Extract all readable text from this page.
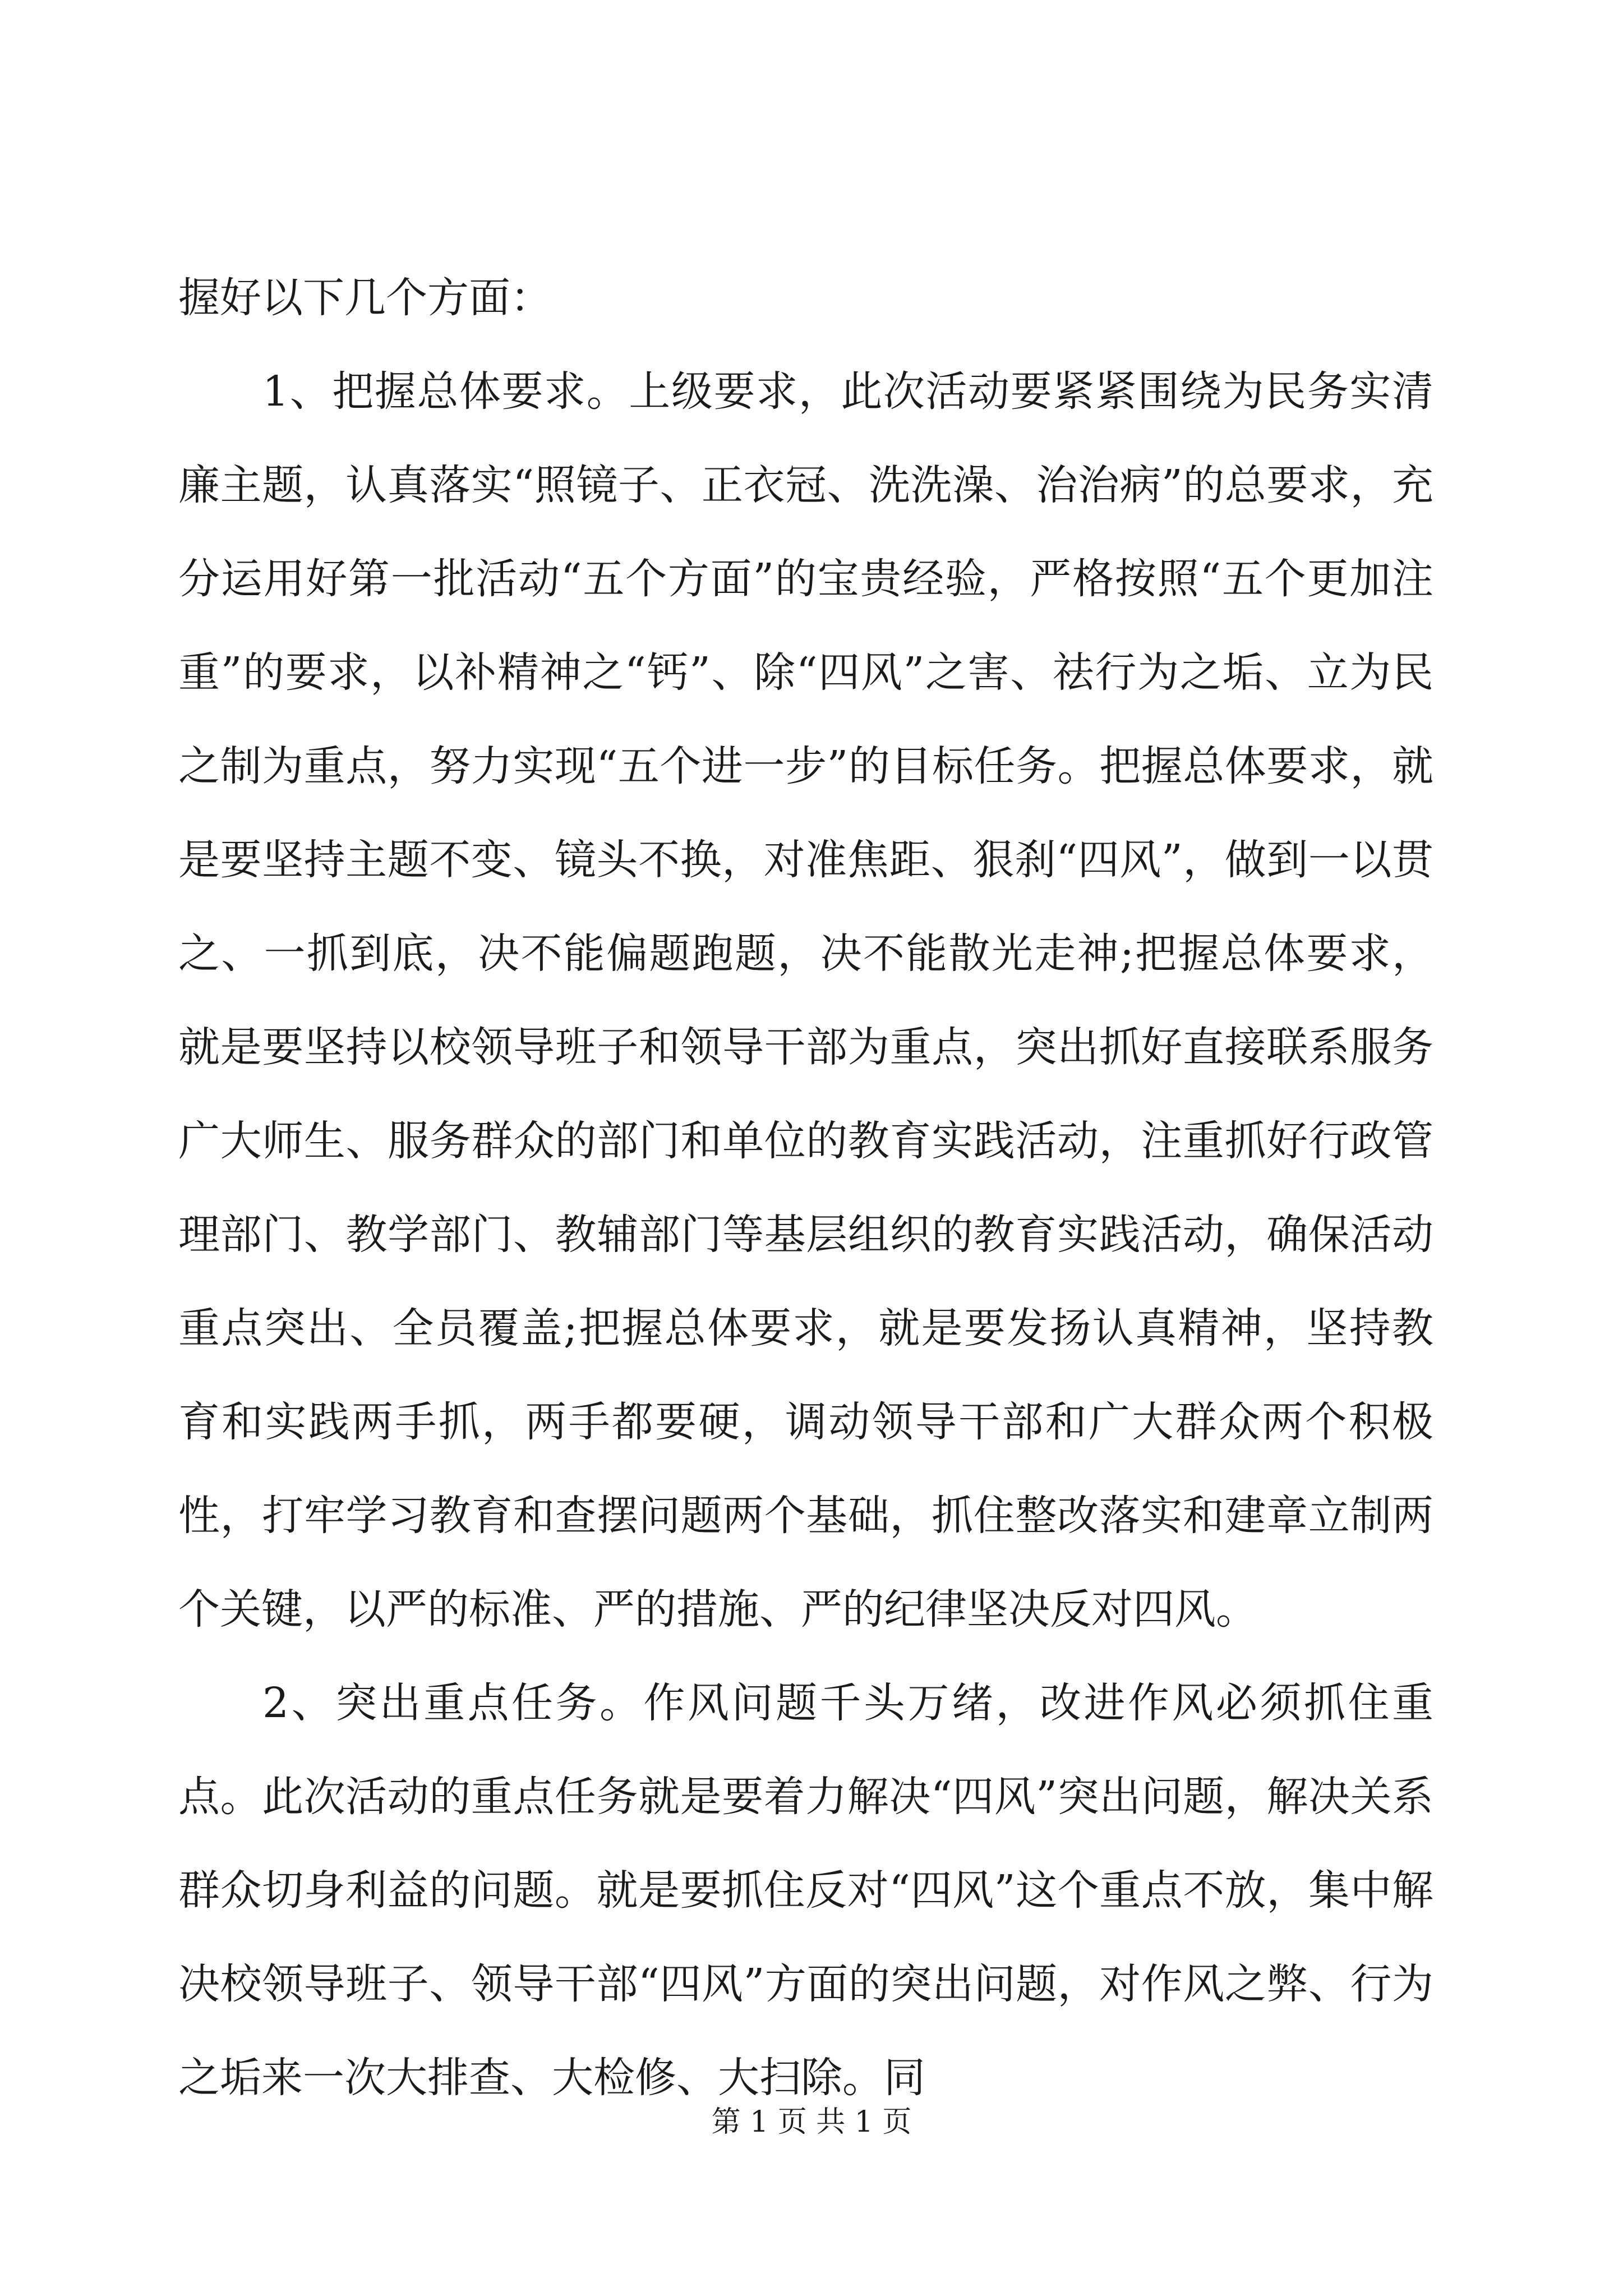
握好以下几个方面：

1、把握总体要求。上级要求，此次活动要紧紧围绕为民务实清廉主题，认真落实“照镜子、正衣冠、洗洗澡、治治病”的总要求，充分运用好第一批活动“五个方面”的宝贵经验，严格按照“五个更加注重”的要求，以补精神之“钙”、除“四风”之害、祛行为之垢、立为民之制为重点，努力实现“五个进一步”的目标任务。把握总体要求，就是要坚持主题不变、镜头不换，对准焦距、狠刹“四风”，做到一以贯之、一抓到底，决不能偏题跑题，决不能散光走神;把握总体要求，就是要坚持以校领导班子和领导干部为重点，突出抓好直接联系服务广大师生、服务群众的部门和单位的教育实践活动，注重抓好行政管理部门、教学部门、教辅部门等基层组织的教育实践活动，确保活动重点突出、全员覆盖;把握总体要求，就是要发扬认真精神，坚持教育和实践两手抓，两手都要硬，调动领导干部和广大群众两个积极性，打牢学习教育和查摆问题两个基础，抓住整改落实和建章立制两个关键，以严的标准、严的措施、严的纪律坚决反对四风。

2、突出重点任务。作风问题千头万绪，改进作风必须抓住重点。此次活动的重点任务就是要着力解决“四风”突出问题，解决关系群众切身利益的问题。就是要抓住反对“四风”这个重点不放，集中解决校领导班子、领导干部“四风”方面的突出问题，对作风之弊、行为之垢来一次大排查、大检修、大扫除。同

第 1 页 共 1 页
